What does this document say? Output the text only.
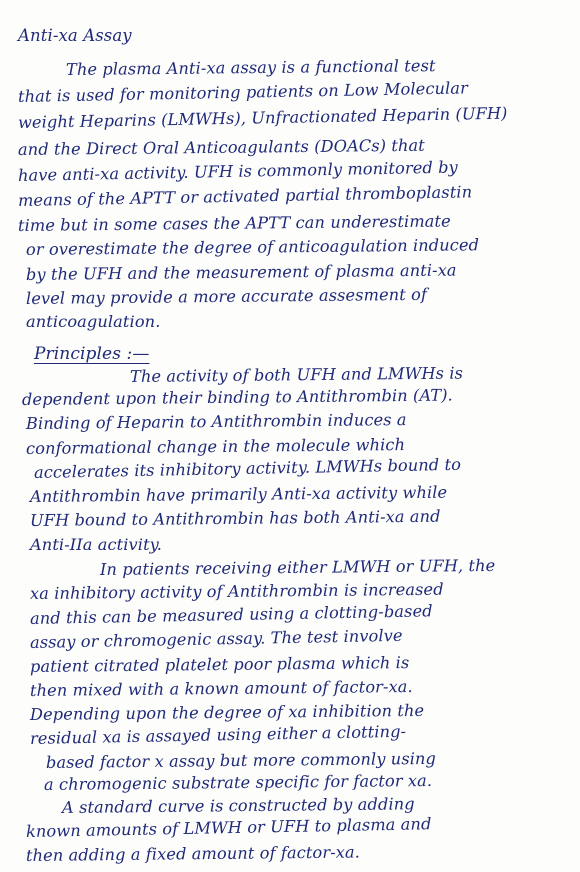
Anti-xa Assay
The plasma Anti-xa assay is a functional test
that is used for monitoring patients on Low Molecular
weight Heparins (LMWHs), Unfractionated Heparin (UFH)
and the Direct Oral Anticoagulants (DOACs) that
have anti-xa activity. UFH is commonly monitored by
means of the APTT or activated partial thromboplastin
time but in some cases the APTT can underestimate
or overestimate the degree of anticoagulation induced
by the UFH and the measurement of plasma anti-xa
level may provide a more accurate assesment of
anticoagulation.
Principles :—
The activity of both UFH and LMWHs is
dependent upon their binding to Antithrombin (AT).
Binding of Heparin to Antithrombin induces a
conformational change in the molecule which
accelerates its inhibitory activity. LMWHs bound to
Antithrombin have primarily Anti-xa activity while
UFH bound to Antithrombin has both Anti-xa and
Anti-IIa activity.
In patients receiving either LMWH or UFH, the
xa inhibitory activity of Antithrombin is increased
and this can be measured using a clotting-based
assay or chromogenic assay. The test involve
patient citrated platelet poor plasma which is
then mixed with a known amount of factor-xa.
Depending upon the degree of xa inhibition the
residual xa is assayed using either a clotting-
based factor x assay but more commonly using
a chromogenic substrate specific for factor xa.
A standard curve is constructed by adding
known amounts of LMWH or UFH to plasma and
then adding a fixed amount of factor-xa.
